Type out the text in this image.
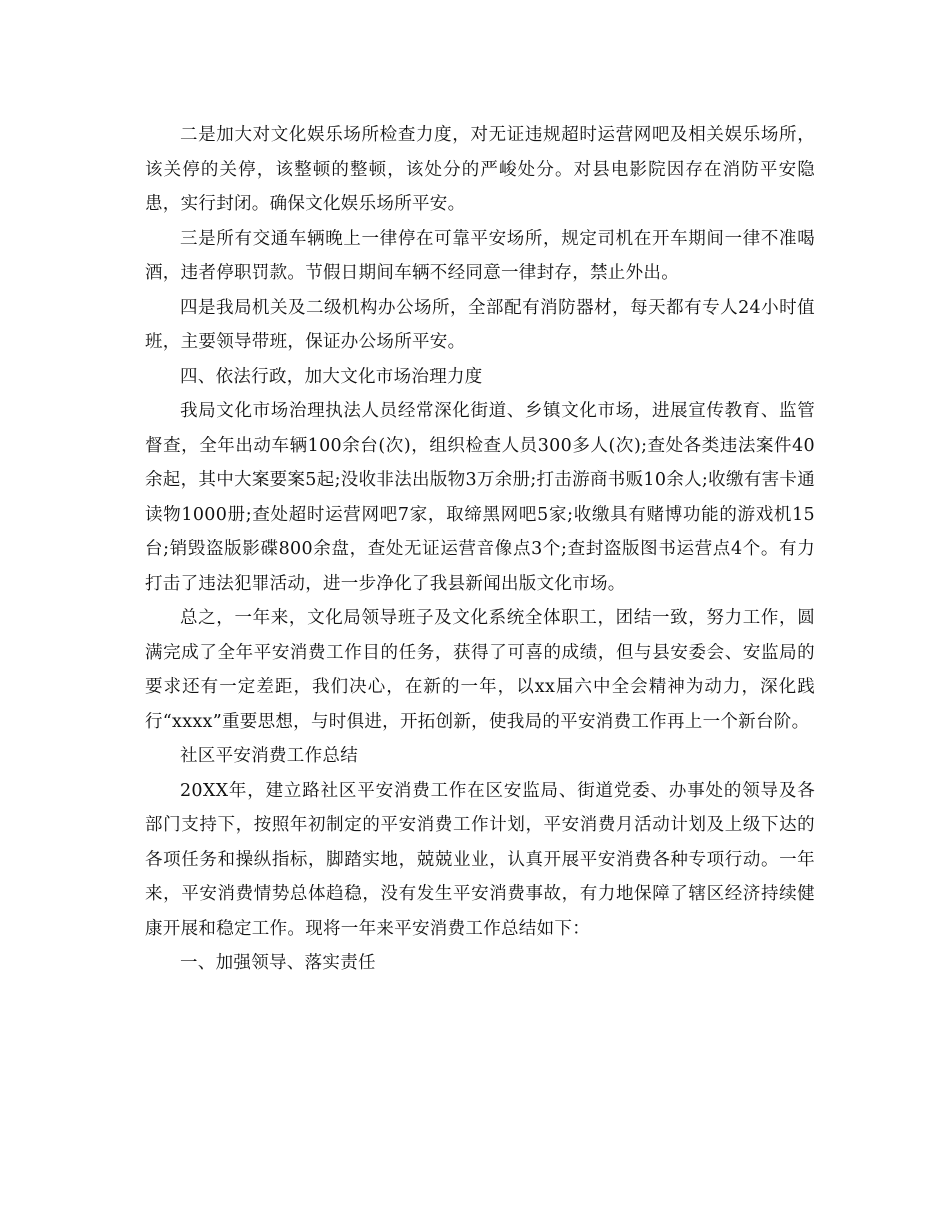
二是加大对文化娱乐场所检查力度，对无证违规超时运营网吧及相关娱乐场所，该关停的关停，该整顿的整顿，该处分的严峻处分。对县电影院因存在消防平安隐患，实行封闭。确保文化娱乐场所平安。

三是所有交通车辆晚上一律停在可靠平安场所，规定司机在开车期间一律不准喝酒，违者停职罚款。节假日期间车辆不经同意一律封存，禁止外出。

四是我局机关及二级机构办公场所，全部配有消防器材，每天都有专人24小时值班，主要领导带班，保证办公场所平安。

四、依法行政，加大文化市场治理力度

我局文化市场治理执法人员经常深化街道、乡镇文化市场，进展宣传教育、监管督查，全年出动车辆100余台(次)，组织检查人员300多人(次);查处各类违法案件40余起，其中大案要案5起;没收非法出版物3万余册;打击游商书贩10余人;收缴有害卡通读物1000册;查处超时运营网吧7家，取缔黑网吧5家;收缴具有赌博功能的游戏机15台;销毁盗版影碟800余盘，查处无证运营音像点3个;查封盗版图书运营点4个。有力打击了违法犯罪活动，进一步净化了我县新闻出版文化市场。

总之，一年来，文化局领导班子及文化系统全体职工，团结一致，努力工作，圆满完成了全年平安消费工作目的任务，获得了可喜的成绩，但与县安委会、安监局的要求还有一定差距，我们决心，在新的一年，以xx届六中全会精神为动力，深化践行“xxxx”重要思想，与时俱进，开拓创新，使我局的平安消费工作再上一个新台阶。

社区平安消费工作总结

20XX年，建立路社区平安消费工作在区安监局、街道党委、办事处的领导及各部门支持下，按照年初制定的平安消费工作计划，平安消费月活动计划及上级下达的各项任务和操纵指标，脚踏实地，兢兢业业，认真开展平安消费各种专项行动。一年来，平安消费情势总体趋稳，没有发生平安消费事故，有力地保障了辖区经济持续健康开展和稳定工作。现将一年来平安消费工作总结如下：

一、加强领导、落实责任
